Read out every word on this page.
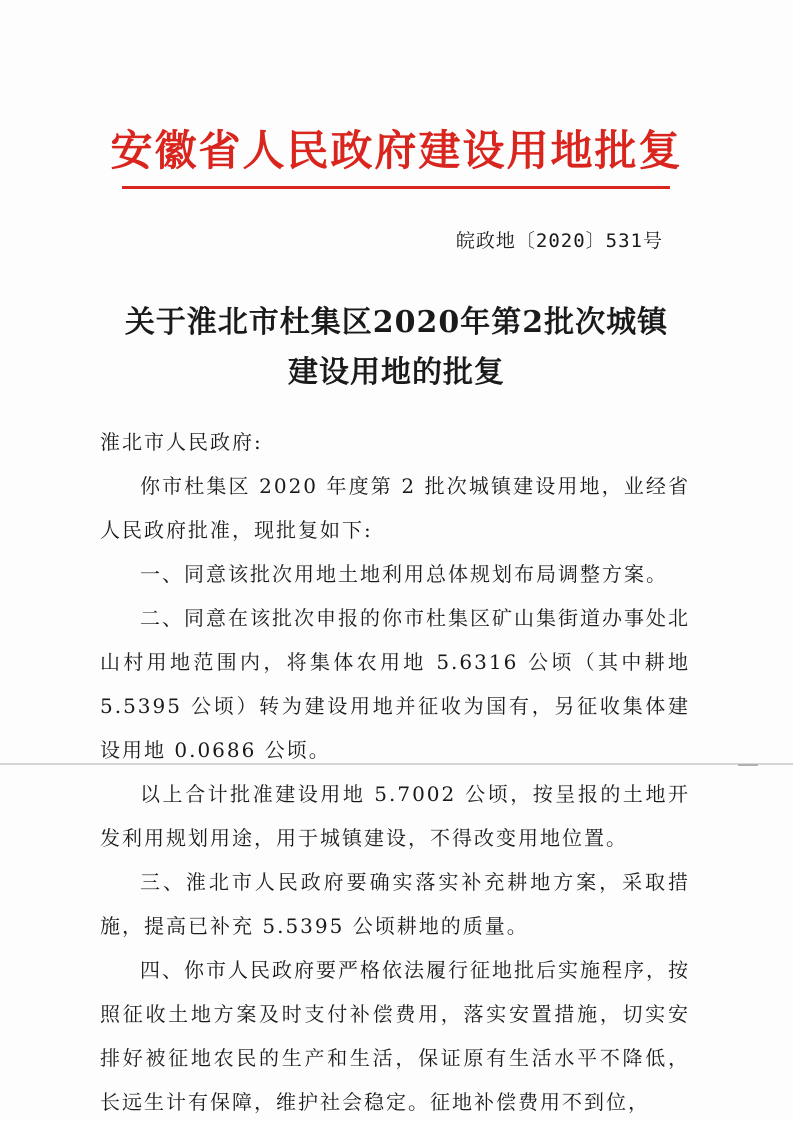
安徽省人民政府建设用地批复
皖政地〔2020〕531号
关于淮北市杜集区2020年第2批次城镇
建设用地的批复
淮北市人民政府:
你市杜集区 2020 年度第 2 批次城镇建设用地，业经省人民政府批准，现批复如下:
一、同意该批次用地土地利用总体规划布局调整方案。
二、同意在该批次申报的你市杜集区矿山集街道办事处北山村用地范围内，将集体农用地 5.6316 公顷（其中耕地 5.5395 公顷）转为建设用地并征收为国有，另征收集体建设用地 0.0686 公顷。
以上合计批准建设用地 5.7002 公顷，按呈报的土地开发利用规划用途，用于城镇建设，不得改变用地位置。
三、淮北市人民政府要确实落实补充耕地方案，采取措施，提高已补充 5.5395 公顷耕地的质量。
四、你市人民政府要严格依法履行征地批后实施程序，按照征收土地方案及时支付补偿费用，落实安置措施，切实安排好被征地农民的生产和生活，保证原有生活水平不降低，长远生计有保障，维护社会稳定。征地补偿费用不到位，
